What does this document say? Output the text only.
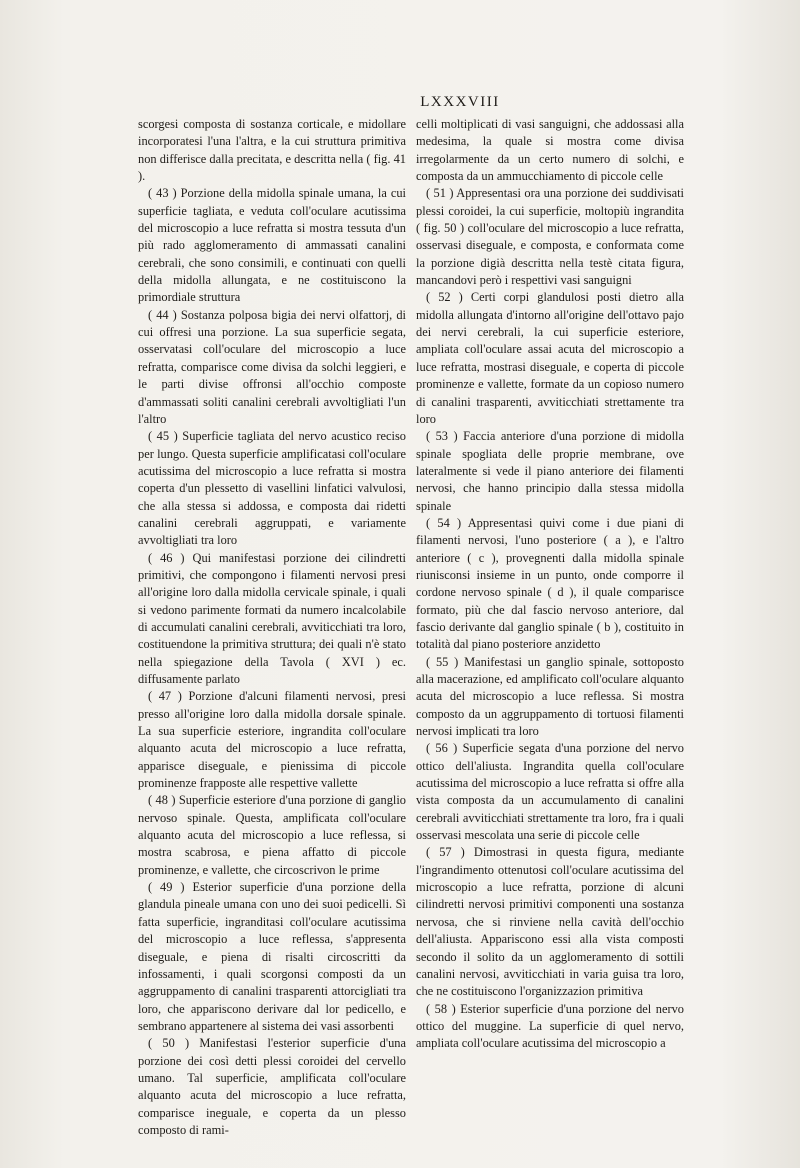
LXXXVIII

scorgesi composta di sostanza corticale, e midollare incorporatesi l'una l'altra, e la cui struttura primitiva non differisce dalla precitata, e descritta nella ( fig. 41 ).

( 43 ) Porzione della midolla spinale umana, la cui superficie tagliata, e veduta coll'oculare acutissima del microscopio a luce refratta si mostra tessuta d'un più rado agglomeramento di ammassati canalini cerebrali, che sono consimili, e continuati con quelli della midolla allungata, e ne costituiscono la primordiale struttura

( 44 ) Sostanza polposa bigia dei nervi olfattorj, di cui offresi una porzione. La sua superficie segata, osservatasi coll'oculare del microscopio a luce refratta, comparisce come divisa da solchi leggieri, e le parti divise offronsi all'occhio composte d'ammassati soliti canalini cerebrali avvoltigliati l'un l'altro

( 45 ) Superficie tagliata del nervo acustico reciso per lungo. Questa superficie amplificatasi coll'oculare acutissima del microscopio a luce refratta si mostra coperta d'un plessetto di vasellini linfatici valvulosi, che alla stessa si addossa, e composta dai ridetti canalini cerebrali aggruppati, e variamente avvoltigliati tra loro

( 46 ) Qui manifestasi porzione dei cilindretti primitivi, che compongono i filamenti nervosi presi all'origine loro dalla midolla cervicale spinale, i quali si vedono parimente formati da numero incalcolabile di accumulati canalini cerebrali, avviticchiati tra loro, costituendone la primitiva struttura; dei quali n'è stato nella spiegazione della Tavola ( XVI ) ec. diffusamente parlato

( 47 ) Porzione d'alcuni filamenti nervosi, presi presso all'origine loro dalla midolla dorsale spinale. La sua superficie esteriore, ingrandita coll'oculare alquanto acuta del microscopio a luce refratta, apparisce diseguale, e pienissima di piccole prominenze frapposte alle respettive vallette

( 48 ) Superficie esteriore d'una porzione di ganglio nervoso spinale. Questa, amplificata coll'oculare alquanto acuta del microscopio a luce reflessa, si mostra scabrosa, e piena affatto di piccole prominenze, e vallette, che circoscrivon le prime

( 49 ) Esterior superficie d'una porzione della glandula pineale umana con uno dei suoi pedicelli. Sì fatta superficie, ingranditasi coll'oculare acutissima del microscopio a luce reflessa, s'appresenta diseguale, e piena di risalti circoscritti da infossamenti, i quali scorgonsi composti da un aggruppamento di canalini trasparenti attorcigliati tra loro, che appariscono derivare dal lor pedicello, e sembrano appartenere al sistema dei vasi assorbenti

( 50 ) Manifestasi l'esterior superficie d'una porzione dei così detti plessi coroidei del cervello umano. Tal superficie, amplificata coll'oculare alquanto acuta del microscopio a luce refratta, comparisce ineguale, e coperta da un plesso composto di rami-

celli moltiplicati di vasi sanguigni, che addossasi alla medesima, la quale si mostra come divisa irregolarmente da un certo numero di solchi, e composta da un ammucchiamento di piccole celle

( 51 ) Appresentasi ora una porzione dei suddivisati plessi coroidei, la cui superficie, moltopiù ingrandita ( fig. 50 ) coll'oculare del microscopio a luce refratta, osservasi diseguale, e composta, e conformata come la porzione digià descritta nella testè citata figura, mancandovi però i respettivi vasi sanguigni

( 52 ) Certi corpi glandulosi posti dietro alla midolla allungata d'intorno all'origine dell'ottavo pajo dei nervi cerebrali, la cui superficie esteriore, ampliata coll'oculare assai acuta del microscopio a luce refratta, mostrasi diseguale, e coperta di piccole prominenze e vallette, formate da un copioso numero di canalini trasparenti, avviticchiati strettamente tra loro

( 53 ) Faccia anteriore d'una porzione di midolla spinale spogliata delle proprie membrane, ove lateralmente si vede il piano anteriore dei filamenti nervosi, che hanno principio dalla stessa midolla spinale

( 54 ) Appresentasi quivi come i due piani di filamenti nervosi, l'uno posteriore ( a ), e l'altro anteriore ( c ), provegnenti dalla midolla spinale riunisconsi insieme in un punto, onde comporre il cordone nervoso spinale ( d ), il quale comparisce formato, più che dal fascio nervoso anteriore, dal fascio derivante dal ganglio spinale ( b ), costituito in totalità dal piano posteriore anzidetto

( 55 ) Manifestasi un ganglio spinale, sottoposto alla macerazione, ed amplificato coll'oculare alquanto acuta del microscopio a luce reflessa. Si mostra composto da un aggruppamento di tortuosi filamenti nervosi implicati tra loro

( 56 ) Superficie segata d'una porzione del nervo ottico dell'aliusta. Ingrandita quella coll'oculare acutissima del microscopio a luce refratta si offre alla vista composta da un accumulamento di canalini cerebrali avviticchiati strettamente tra loro, fra i quali osservasi mescolata una serie di piccole celle

( 57 ) Dimostrasi in questa figura, mediante l'ingrandimento ottenutosi coll'oculare acutissima del microscopio a luce refratta, porzione di alcuni cilindretti nervosi primitivi componenti una sostanza nervosa, che si rinviene nella cavità dell'occhio dell'aliusta. Appariscono essi alla vista composti secondo il solito da un agglomeramento di sottili canalini nervosi, avviticchiati in varia guisa tra loro, che ne costituiscono l'organizzazion primitiva

( 58 ) Esterior superficie d'una porzione del nervo ottico del muggine. La superficie di quel nervo, ampliata coll'oculare acutissima del microscopio a
